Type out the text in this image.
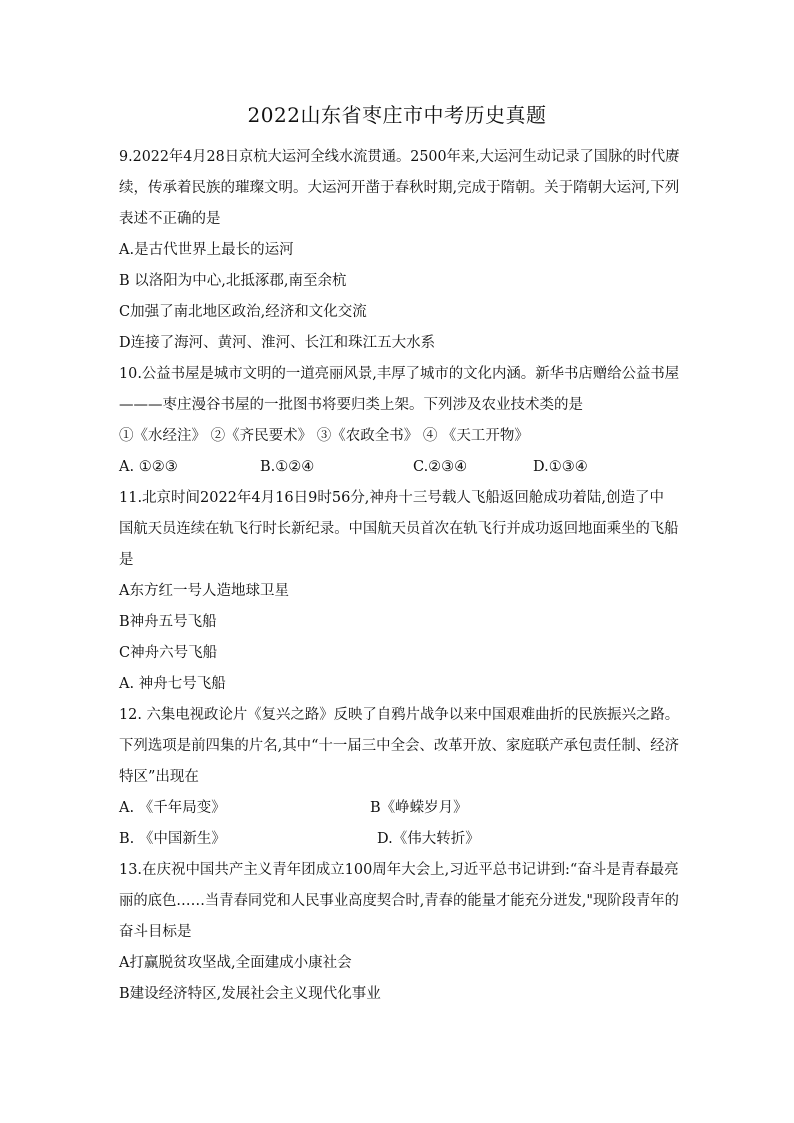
2022山东省枣庄市中考历史真题
9.2022年4月28日京杭大运河全线水流贯通。2500年来,大运河生动记录了国脉的时代赓
续，传承着民族的璀璨文明。大运河开凿于春秋时期,完成于隋朝。关于隋朝大运河,下列
表述不正确的是
A.是古代世界上最长的运河
B 以洛阳为中心,北抵涿郡,南至余杭
C加强了南北地区政治,经济和文化交流
D连接了海河、黄河、淮河、长江和珠江五大水系
10.公益书屋是城市文明的一道亮丽风景,丰厚了城市的文化内涵。新华书店赠给公益书屋
———枣庄漫谷书屋的一批图书将要归类上架。下列涉及农业技术类的是
①《水经注》 ②《齐民要术》 ③《农政全书》 ④ 《天工开物》
A. ①②③	B.①②④	C.②③④	D.①③④
11.北京时间2022年4月16日9时56分,神舟十三号载人飞船返回舱成功着陆,创造了中
国航天员连续在轨飞行时长新纪录。中国航天员首次在轨飞行并成功返回地面乘坐的飞船
是
A东方红一号人造地球卫星
B神舟五号飞船
C神舟六号飞船
A. 神舟七号飞船
12. 六集电视政论片《复兴之路》反映了自鸦片战争以来中国艰难曲折的民族振兴之路。
下列选项是前四集的片名,其中“十一届三中全会、改革开放、家庭联产承包责任制、经济
特区”出现在
A. 《千年局变》	B《峥蝾岁月》
B. 《中国新生》	D.《伟大转折》
13.在庆祝中国共产主义青年团成立100周年大会上,习近平总书记讲到:“奋斗是青春最亮
丽的底色……当青春同党和人民事业高度契合时,青春的能量才能充分迸发,"现阶段青年的
奋斗目标是
A打赢脱贫攻坚战,全面建成小康社会
B建设经济特区,发展社会主义现代化事业
